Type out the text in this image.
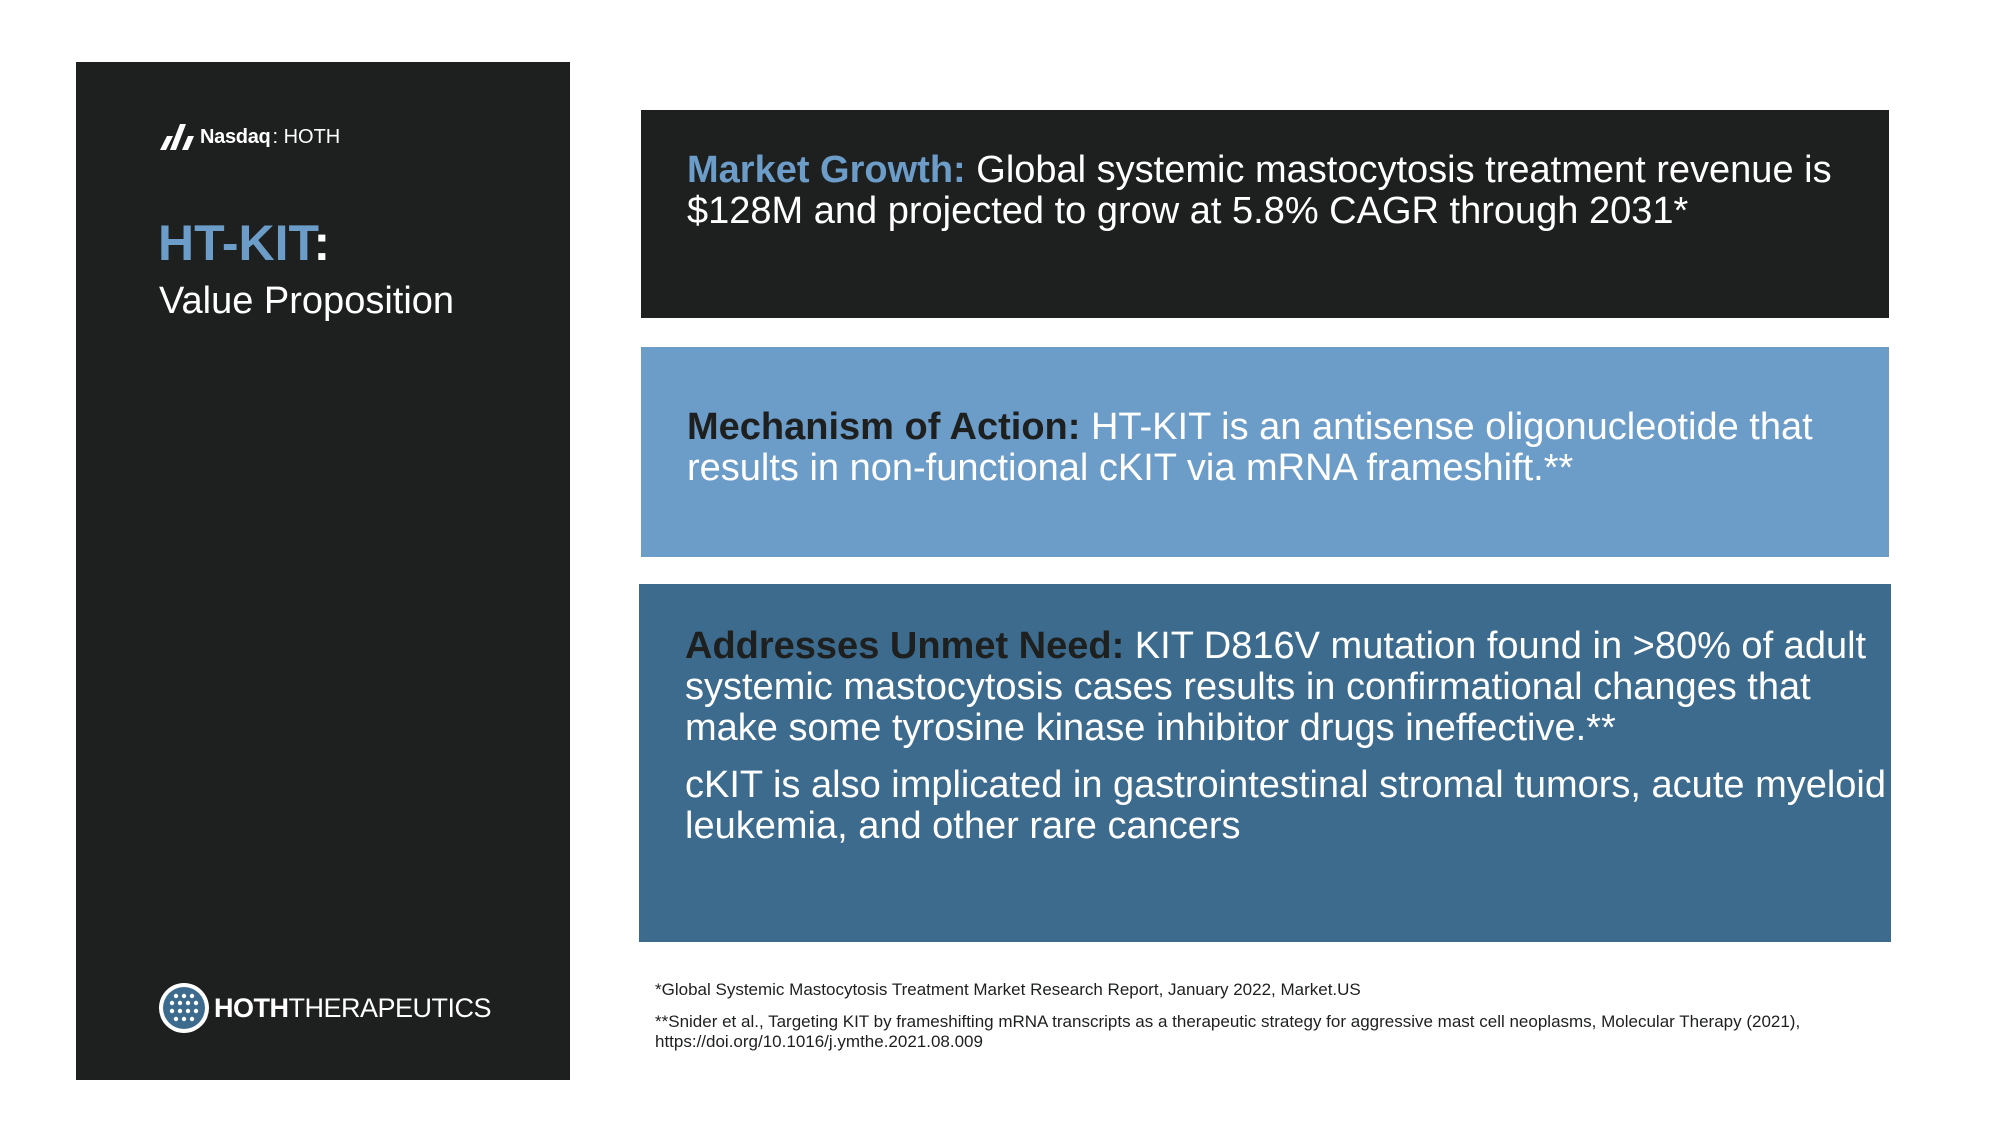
Nasdaq : HOTH
HT-KIT:
Value Proposition
HOTH THERAPEUTICS

Market Growth: Global systemic mastocytosis treatment revenue is $128M and projected to grow at 5.8% CAGR through 2031*

Mechanism of Action: HT-KIT is an antisense oligonucleotide that results in non-functional cKIT via mRNA frameshift.**

Addresses Unmet Need: KIT D816V mutation found in >80% of adult systemic mastocytosis cases results in confirmational changes that make some tyrosine kinase inhibitor drugs ineffective.**

cKIT is also implicated in gastrointestinal stromal tumors, acute myeloid leukemia, and other rare cancers

*Global Systemic Mastocytosis Treatment Market Research Report, January 2022, Market.US

**Snider et al., Targeting KIT by frameshifting mRNA transcripts as a therapeutic strategy for aggressive mast cell neoplasms, Molecular Therapy (2021), https://doi.org/10.1016/j.ymthe.2021.08.009
